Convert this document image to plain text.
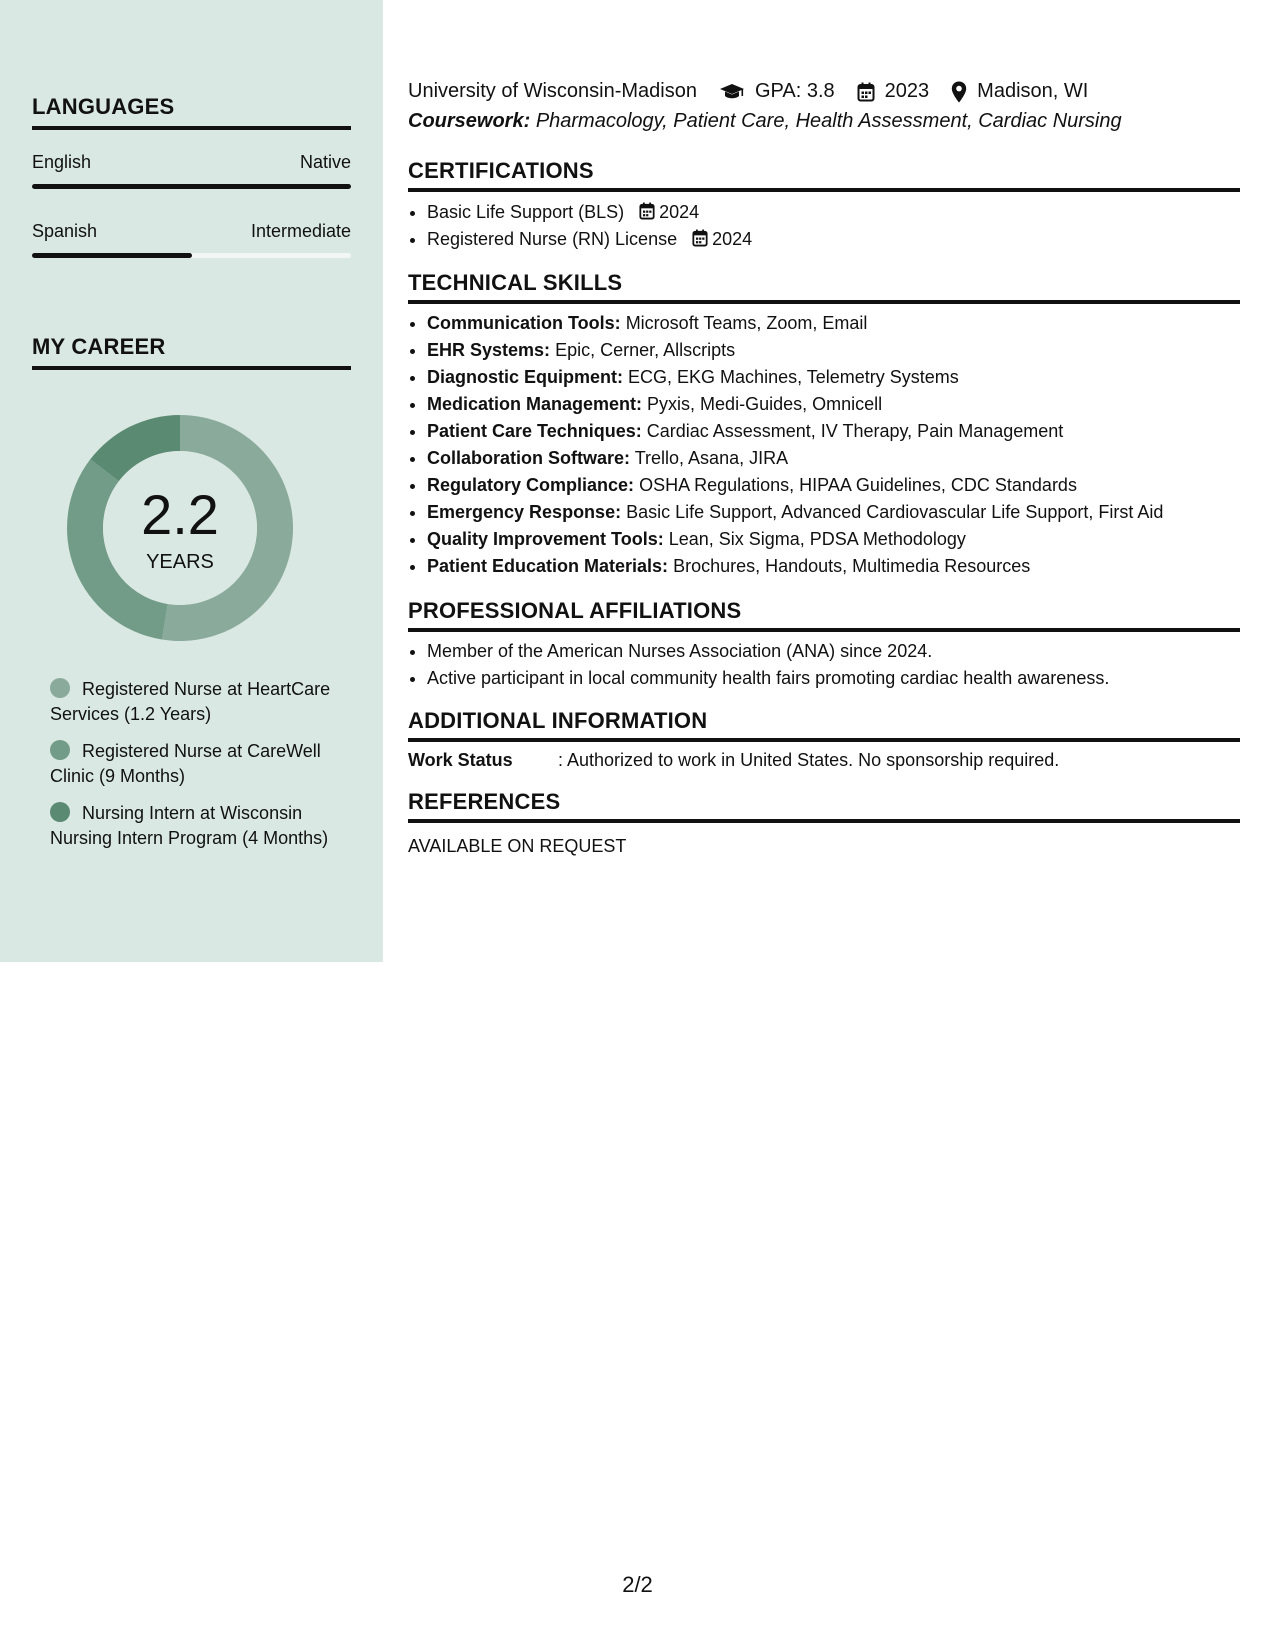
LANGUAGES
English	Native
Spanish	Intermediate
MY CAREER
2.2
YEARS
Registered Nurse at HeartCare Services (1.2 Years)
Registered Nurse at CareWell Clinic (9 Months)
Nursing Intern at Wisconsin Nursing Intern Program (4 Months)
University of Wisconsin-Madison	GPA: 3.8	2023 Madison, WI
Coursework: Pharmacology, Patient Care, Health Assessment, Cardiac Nursing
CERTIFICATIONS
• Basic Life Support (BLS) 2024
• Registered Nurse (RN) License 2024
TECHNICAL SKILLS
• Communication Tools: Microsoft Teams, Zoom, Email
• EHR Systems: Epic, Cerner, Allscripts
• Diagnostic Equipment: ECG, EKG Machines, Telemetry Systems
• Medication Management: Pyxis, Medi-Guides, Omnicell
• Patient Care Techniques: Cardiac Assessment, IV Therapy, Pain Management
• Collaboration Software: Trello, Asana, JIRA
• Regulatory Compliance: OSHA Regulations, HIPAA Guidelines, CDC Standards
• Emergency Response: Basic Life Support, Advanced Cardiovascular Life Support, First Aid
• Quality Improvement Tools: Lean, Six Sigma, PDSA Methodology
• Patient Education Materials: Brochures, Handouts, Multimedia Resources
PROFESSIONAL AFFILIATIONS
• Member of the American Nurses Association (ANA) since 2024.
• Active participant in local community health fairs promoting cardiac health awareness.
ADDITIONAL INFORMATION
Work Status	: Authorized to work in United States. No sponsorship required.
REFERENCES
AVAILABLE ON REQUEST
2/2
